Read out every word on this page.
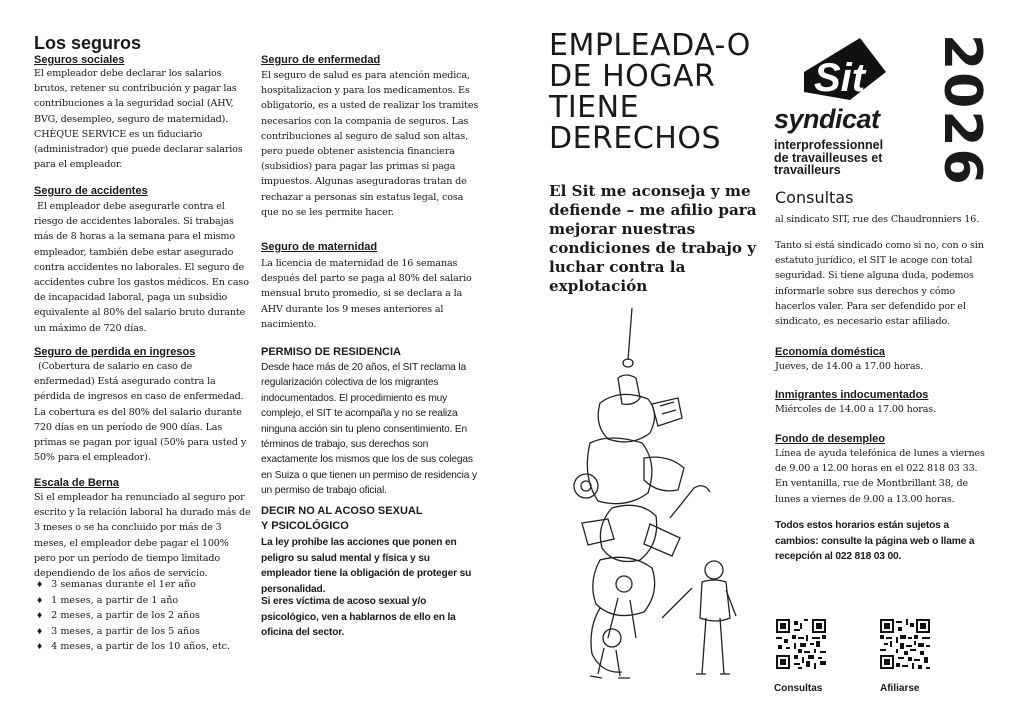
Los seguros
Seguros sociales
El empleador debe declarar los salarios brutos, retener su contribución y pagar las contribuciones a la seguridad social (AHV, BVG, desempleo, seguro de maternidad). CHÈQUE SERVICE es un fiduciario (administrador) que puede declarar salarios para el empleador.
Seguro de accidentes
El empleador debe asegurarle contra el riesgo de accidentes laborales. Si trabajas más de 8 horas a la semana para el mismo empleador, también debe estar asegurado contra accidentes no laborales. El seguro de accidentes cubre los gastos médicos. En caso de incapacidad laboral, paga un subsidio equivalente al 80% del salario bruto durante un máximo de 720 días.
Seguro de perdida en ingresos
(Cobertura de salario en caso de enfermedad) Está asegurado contra la pérdida de ingresos en caso de enfermedad. La cobertura es del 80% del salario durante 720 días en un período de 900 días. Las primas se pagan por igual (50% para usted y 50% para el empleador).
Escala de Berna
Si el empleador ha renunciado al seguro por escrito y la relación laboral ha durado más de 3 meses o se ha concluido por más de 3 meses, el empleador debe pagar el 100% pero por un período de tiempo limitado dependiendo de los años de servicio.
♦ 3 semanas durante el 1er año
♦ 1 meses, a partir de 1 año
♦ 2 meses, a partir de los 2 años
♦ 3 meses, a partir de los 5 años
♦ 4 meses, a partir de los 10 años, etc.
Seguro de enfermedad
El seguro de salud es para atención medica, hospitalizacion y para los medicamentos. Es obligatorio, es a usted de realizar los tramites necesarios con la compania de seguros. Las contribuciones al seguro de salud son altas, pero puede obtener asistencia financiera (subsidios) para pagar las primas si paga impuestos. Algunas aseguradoras tratan de rechazar a personas sin estatus legal, cosa que no se les permite hacer.
Seguro de maternidad
La licencia de maternidad de 16 semanas después del parto se paga al 80% del salario mensual bruto promedio, si se declara a la AHV durante los 9 meses anteriores al nacimiento.
PERMISO DE RESIDENCIA
Desde hace más de 20 años, el SIT reclama la regularización colectiva de los migrantes indocumentados. El procedimiento es muy complejo, el SIT te acompaña y no se realiza ninguna acción sin tu pleno consentimiento. En términos de trabajo, sus derechos son exactamente los mismos que los de sus colegas en Suiza o que tienen un permiso de residencia y un permiso de trabajo oficial.
DECIR NO AL ACOSO SEXUAL
Y PSICOLÓGICO
La ley prohíbe las acciones que ponen en peligro su salud mental y física y su empleador tiene la obligación de proteger su personalidad.
Si eres víctima de acoso sexual y/o psicológico, ven a hablarnos de ello en la oficina del sector.
EMPLEADA-O
DE HOGAR
TIENE
DERECHOS
El Sit me aconseja y me defiende – me afilio para mejorar nuestras condiciones de trabajo y luchar contra la explotación
Sit
syndicat
interprofessionnel
de travailleuses et
travailleurs	2026
Consultas
al sindicato SIT, rue des Chaudronniers 16.
Tanto si está sindicado como si no, con o sin estatuto jurídico, el SIT le acoge con total seguridad. Si tiene alguna duda, podemos informarle sobre sus derechos y cómo hacerlos valer. Para ser defendido por el sindicato, es necesario estar afiliado.
Economía doméstica
Jueves, de 14.00 a 17.00 horas.
Inmigrantes indocumentados
Miércoles de 14.00 a 17.00 horas.
Fondo de desempleo
Línea de ayuda telefónica de lunes a viernes de 9.00 a 12.00 horas en el 022 818 03 33. En ventanilla, rue de Montbrillant 38, de lunes a viernes de 9.00 a 13.00 horas.
Todos estos horarios están sujetos a cambios: consulte la página web o llame a recepción al 022 818 03 00.
Consultas	Afiliarse
